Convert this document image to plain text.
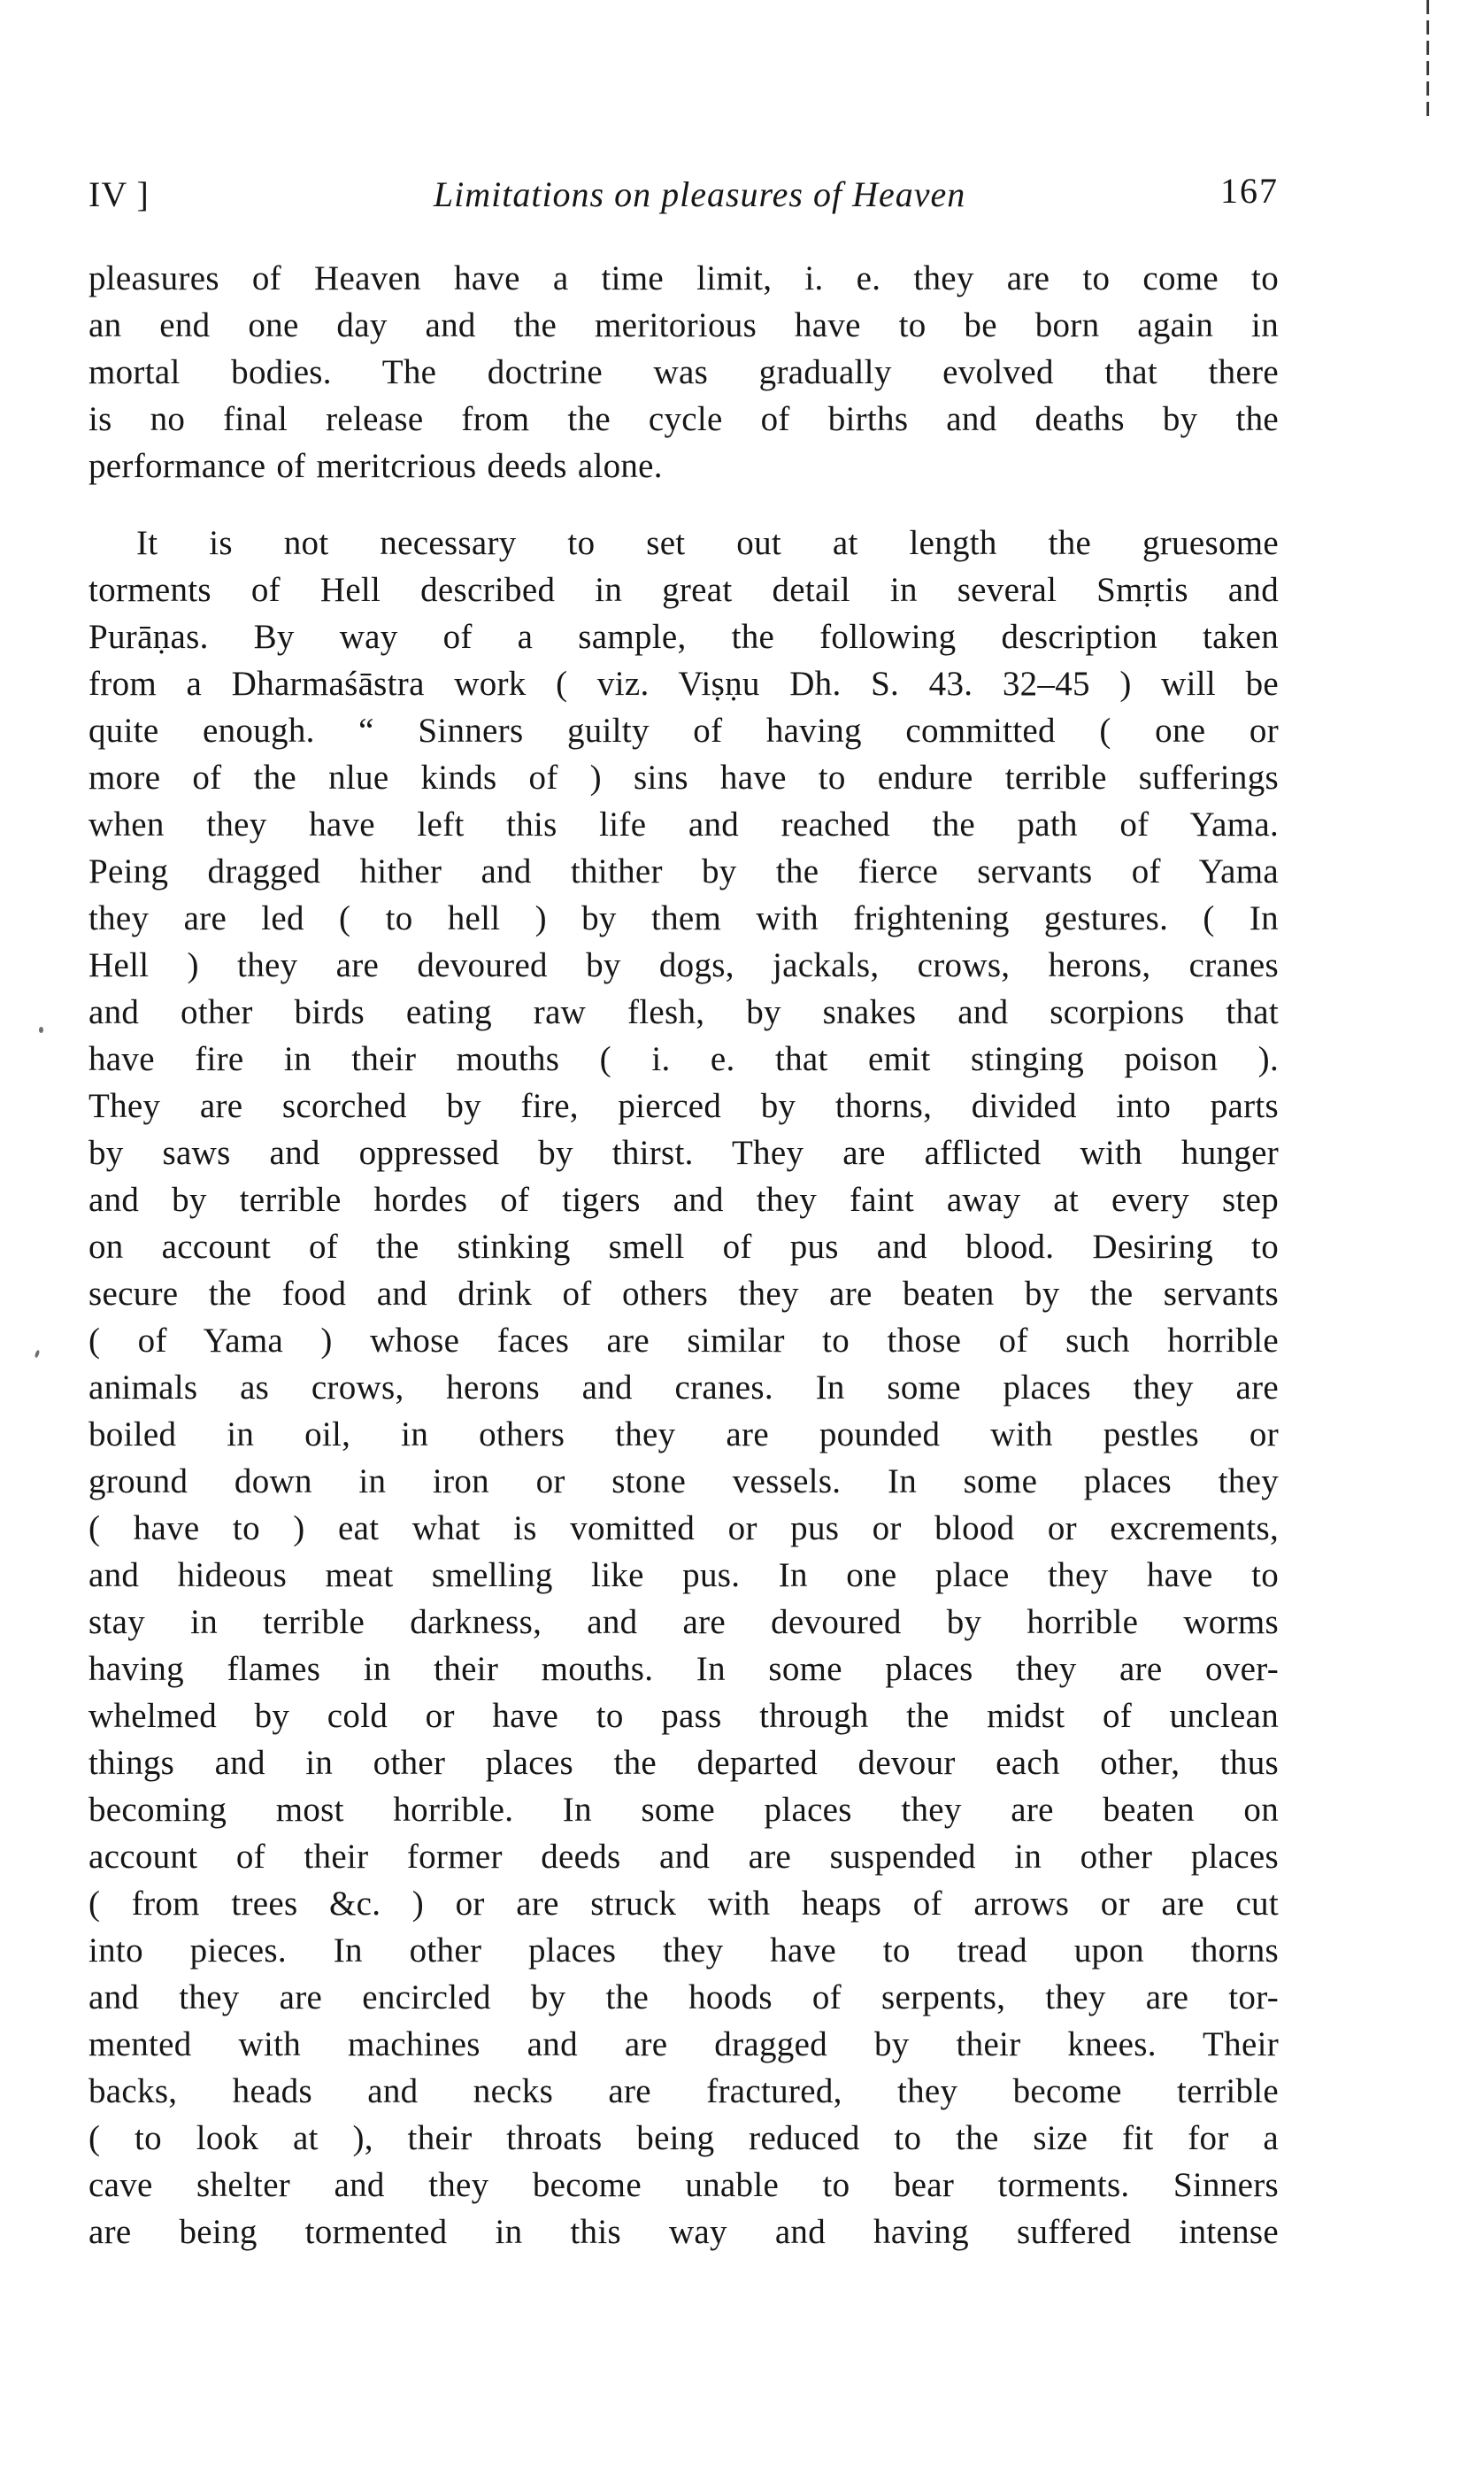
IV ]	Limitations on pleasures of Heaven	167
pleasures of Heaven have a time limit, i. e. they are to come to
an end one day and the meritorious have to be born again in
mortal bodies. The doctrine was gradually evolved that there
is no final release from the cycle of births and deaths by the
performance of meritcrious deeds alone.
It is not necessary to set out at length the gruesome
torments of Hell described in great detail in several Smṛtis and
Purāṇas. By way of a sample, the following description taken
from a Dharmaśāstra work ( viz. Viṣṇu Dh. S. 43. 32–45 ) will be
quite enough. “ Sinners guilty of having committed ( one or
more of the nlue kinds of ) sins have to endure terrible sufferings
when they have left this life and reached the path of Yama.
Peing dragged hither and thither by the fierce servants of Yama
they are led ( to hell ) by them with frightening gestures. ( In
Hell ) they are devoured by dogs, jackals, crows, herons, cranes
and other birds eating raw flesh, by snakes and scorpions that
have fire in their mouths ( i. e. that emit stinging poison ).
They are scorched by fire, pierced by thorns, divided into parts
by saws and oppressed by thirst. They are afflicted with hunger
and by terrible hordes of tigers and they faint away at every step
on account of the stinking smell of pus and blood. Desiring to
secure the food and drink of others they are beaten by the servants
( of Yama ) whose faces are similar to those of such horrible
animals as crows, herons and cranes. In some places they are
boiled in oil, in others they are pounded with pestles or
ground down in iron or stone vessels. In some places they
( have to ) eat what is vomitted or pus or blood or excrements,
and hideous meat smelling like pus. In one place they have to
stay in terrible darkness, and are devoured by horrible worms
having flames in their mouths. In some places they are over-
whelmed by cold or have to pass through the midst of unclean
things and in other places the departed devour each other, thus
becoming most horrible. In some places they are beaten on
account of their former deeds and are suspended in other places
( from trees &c. ) or are struck with heaps of arrows or are cut
into pieces. In other places they have to tread upon thorns
and they are encircled by the hoods of serpents, they are tor-
mented with machines and are dragged by their knees. Their
backs, heads and necks are fractured, they become terrible
( to look at ), their throats being reduced to the size fit for a
cave shelter and they become unable to bear torments. Sinners
are being tormented in this way and having suffered intense
